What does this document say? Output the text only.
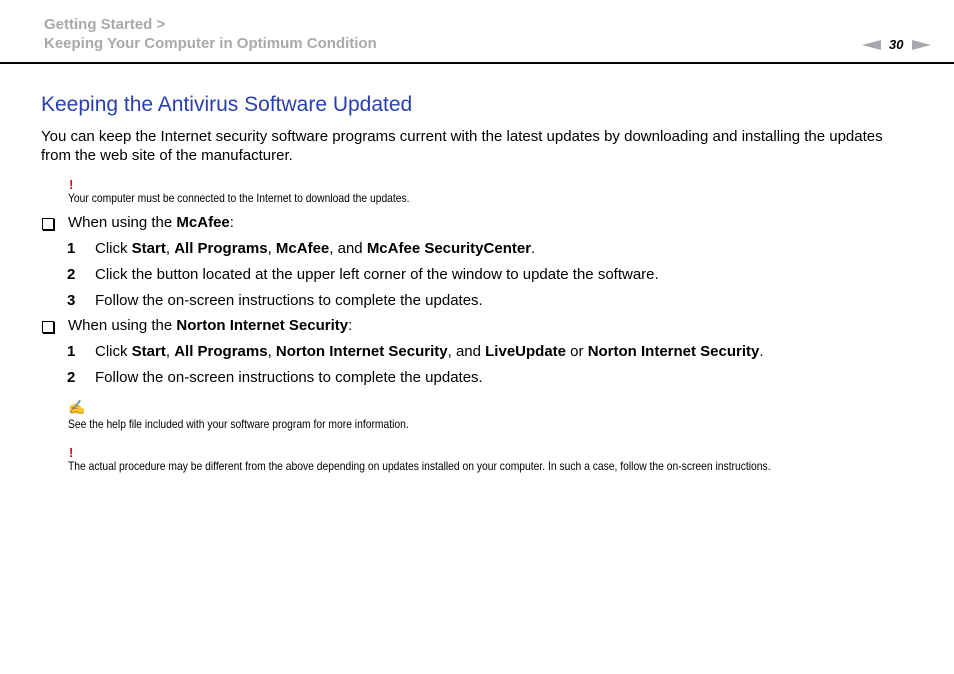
Getting Started >
Keeping Your Computer in Optimum Condition	30
Keeping the Antivirus Software Updated
You can keep the Internet security software programs current with the latest updates by downloading and installing the updates from the web site of the manufacturer.
!
Your computer must be connected to the Internet to download the updates.
When using the McAfee:
1 Click Start, All Programs, McAfee, and McAfee SecurityCenter.
2 Click the button located at the upper left corner of the window to update the software.
3 Follow the on-screen instructions to complete the updates.
When using the Norton Internet Security:
1 Click Start, All Programs, Norton Internet Security, and LiveUpdate or Norton Internet Security.
2 Follow the on-screen instructions to complete the updates.
✍
See the help file included with your software program for more information.
!
The actual procedure may be different from the above depending on updates installed on your computer. In such a case, follow the on-screen instructions.
